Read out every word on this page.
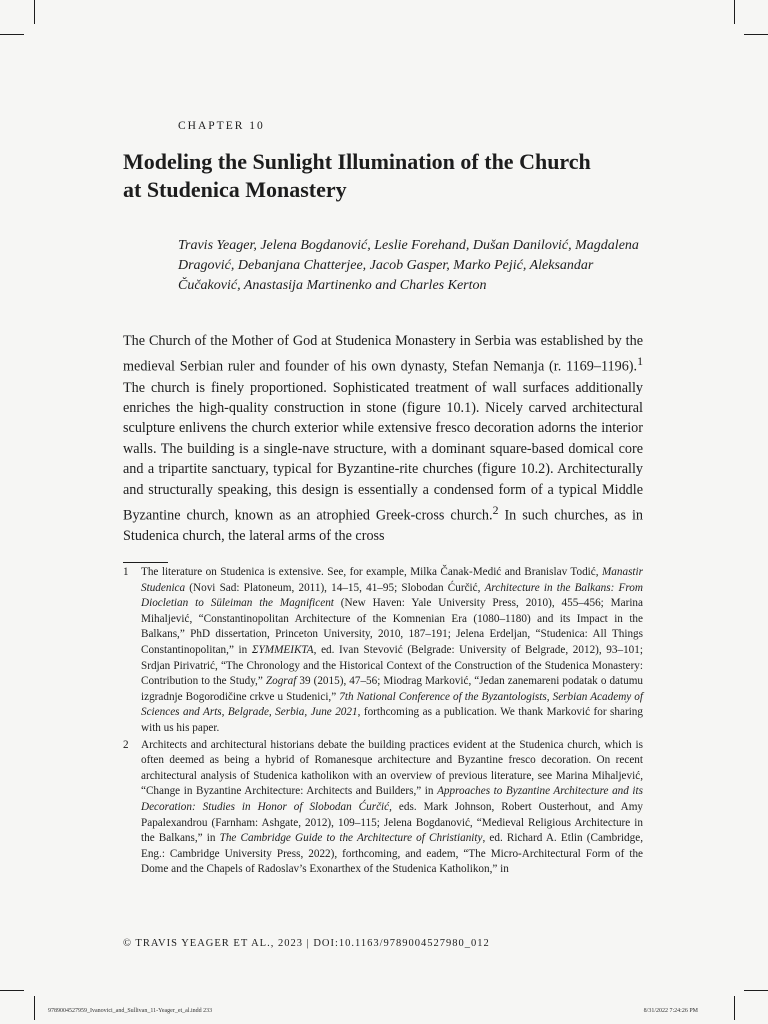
CHAPTER 10
Modeling the Sunlight Illumination of the Church
at Studenica Monastery
Travis Yeager, Jelena Bogdanović, Leslie Forehand, Dušan Danilović, Magdalena Dragović, Debanjana Chatterjee, Jacob Gasper, Marko Pejić, Aleksandar Čučaković, Anastasija Martinenko and Charles Kerton

The Church of the Mother of God at Studenica Monastery in Serbia was established by the medieval Serbian ruler and founder of his own dynasty, Stefan Nemanja (r. 1169–1196).$^1$ The church is finely proportioned. Sophisticated treatment of wall surfaces additionally enriches the high-quality construction in stone (figure 10.1). Nicely carved architectural sculpture enlivens the church exterior while extensive fresco decoration adorns the interior walls. The building is a single-nave structure, with a dominant square-based domical core and a tripartite sanctuary, typical for Byzantine-rite churches (figure 10.2). Architecturally and structurally speaking, this design is essentially a condensed form of a typical Middle Byzantine church, known as an atrophied Greek-cross church.$^2$ In such churches, as in Studenica church, the lateral arms of the cross

1	The literature on Studenica is extensive. See, for example, Milka Čanak-Medić and Branislav Todić, Manastir Studenica (Novi Sad: Platoneum, 2011), 14–15, 41–95; Slobodan Ćurčić, Architecture in the Balkans: From Diocletian to Süleiman the Magnificent (New Haven: Yale University Press, 2010), 455–456; Marina Mihaljević, “Constantinopolitan Architecture of the Komnenian Era (1080–1180) and its Impact in the Balkans,” PhD dissertation, Princeton University, 2010, 187–191; Jelena Erdeljan, “Studenica: All Things Constantinopolitan,” in ΣΥΜΜΕΙΚΤΑ, ed. Ivan Stevović (Belgrade: University of Belgrade, 2012), 93–101; Srdjan Pirivatrić, “The Chronology and the Historical Context of the Construction of the Studenica Monastery: Contribution to the Study,” Zograf 39 (2015), 47–56; Miodrag Marković, “Jedan zanemareni podatak o datumu izgradnje Bogorodičine crkve u Studenici,” 7th National Conference of the Byzantologists, Serbian Academy of Sciences and Arts, Belgrade, Serbia, June 2021, forthcoming as a publication. We thank Marković for sharing with us his paper.
2	Architects and architectural historians debate the building practices evident at the Studenica church, which is often deemed as being a hybrid of Romanesque architecture and Byzantine fresco decoration. On recent architectural analysis of Studenica katholikon with an overview of previous literature, see Marina Mihaljević, “Change in Byzantine Architecture: Architects and Builders,” in Approaches to Byzantine Architecture and its Decoration: Studies in Honor of Slobodan Ćurčić, eds. Mark Johnson, Robert Ousterhout, and Amy Papalexandrou (Farnham: Ashgate, 2012), 109–115; Jelena Bogdanović, “Medieval Religious Architecture in the Balkans,” in The Cambridge Guide to the Architecture of Christianity, ed. Richard A. Etlin (Cambridge, Eng.: Cambridge University Press, 2022), forthcoming, and eadem, “The Micro-Architectural Form of the Dome and the Chapels of Radoslav’s Exonarthex of the Studenica Katholikon,” in
© TRAVIS YEAGER ET AL., 2023 | DOI:10.1163/9789004527980_012
9789004527959_Ivanovici_and_Sullivan_11-Yeager_et_al.indd 233	8/31/2022 7:24:26 PM
